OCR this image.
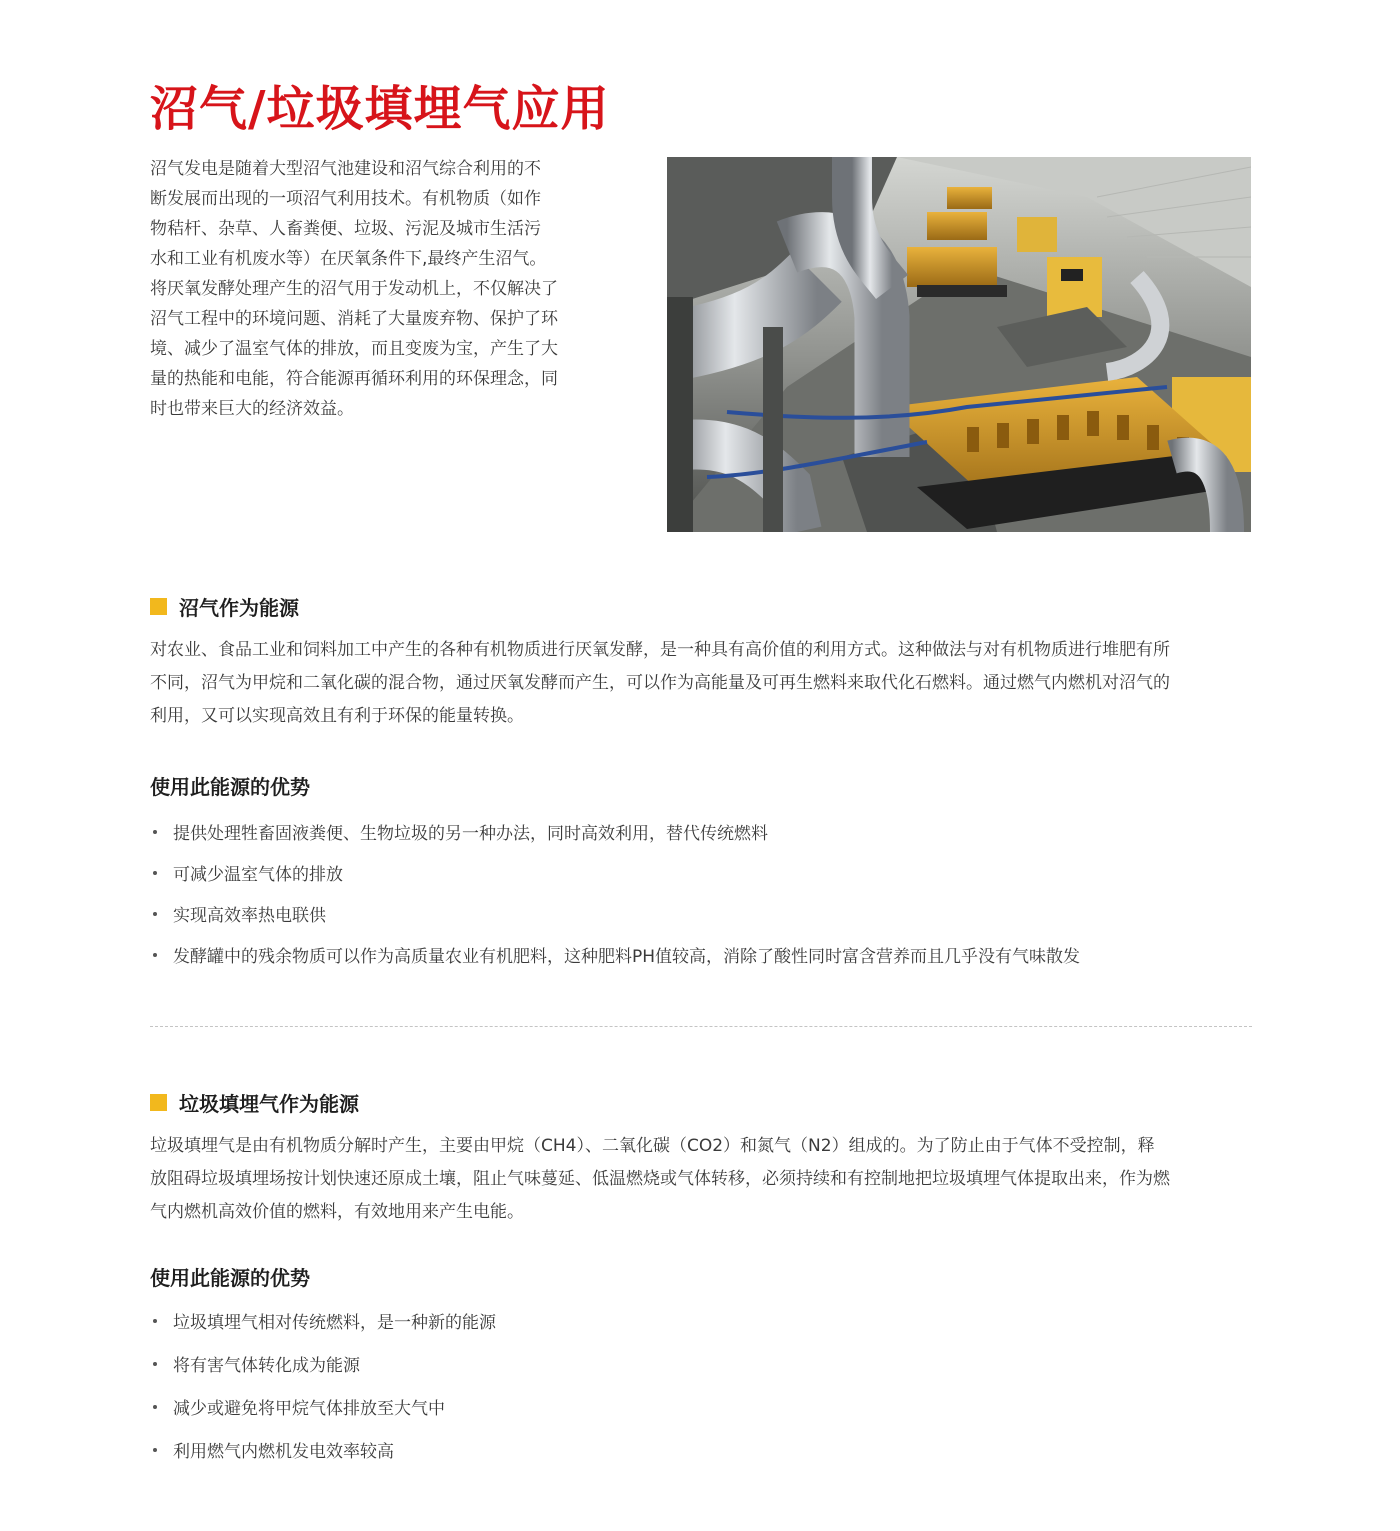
沼气/垃圾填埋气应用

沼气发电是随着大型沼气池建设和沼气综合利用的不

断发展而出现的一项沼气利用技术。有机物质（如作

物秸杆、杂草、人畜粪便、垃圾、污泥及城市生活污

水和工业有机废水等）在厌氧条件下,最终产生沼气。

将厌氧发酵处理产生的沼气用于发动机上，不仅解决了

沼气工程中的环境问题、消耗了大量废弃物、保护了环

境、减少了温室气体的排放，而且变废为宝，产生了大

量的热能和电能，符合能源再循环利用的环保理念，同

时也带来巨大的经济效益。

沼气作为能源

对农业、食品工业和饲料加工中产生的各种有机物质进行厌氧发酵，是一种具有高价值的利用方式。这种做法与对有机物质进行堆肥有所

不同，沼气为甲烷和二氧化碳的混合物，通过厌氧发酵而产生，可以作为高能量及可再生燃料来取代化石燃料。通过燃气内燃机对沼气的

利用，又可以实现高效且有利于环保的能量转换。

使用此能源的优势
提供处理牲畜固液粪便、生物垃圾的另一种办法，同时高效利用，替代传统燃料
可减少温室气体的排放
实现高效率热电联供
发酵罐中的残余物质可以作为高质量农业有机肥料，这种肥料PH值较高，消除了酸性同时富含营养而且几乎没有气味散发
垃圾填埋气作为能源

垃圾填埋气是由有机物质分解时产生，主要由甲烷（CH4）、二氧化碳（CO2）和氮气（N2）组成的。为了防止由于气体不受控制，释

放阻碍垃圾填埋场按计划快速还原成土壤，阻止气味蔓延、低温燃烧或气体转移，必须持续和有控制地把垃圾填埋气体提取出来，作为燃

气内燃机高效价值的燃料，有效地用来产生电能。

使用此能源的优势
垃圾填埋气相对传统燃料，是一种新的能源
将有害气体转化成为能源
减少或避免将甲烷气体排放至大气中
利用燃气内燃机发电效率较高
